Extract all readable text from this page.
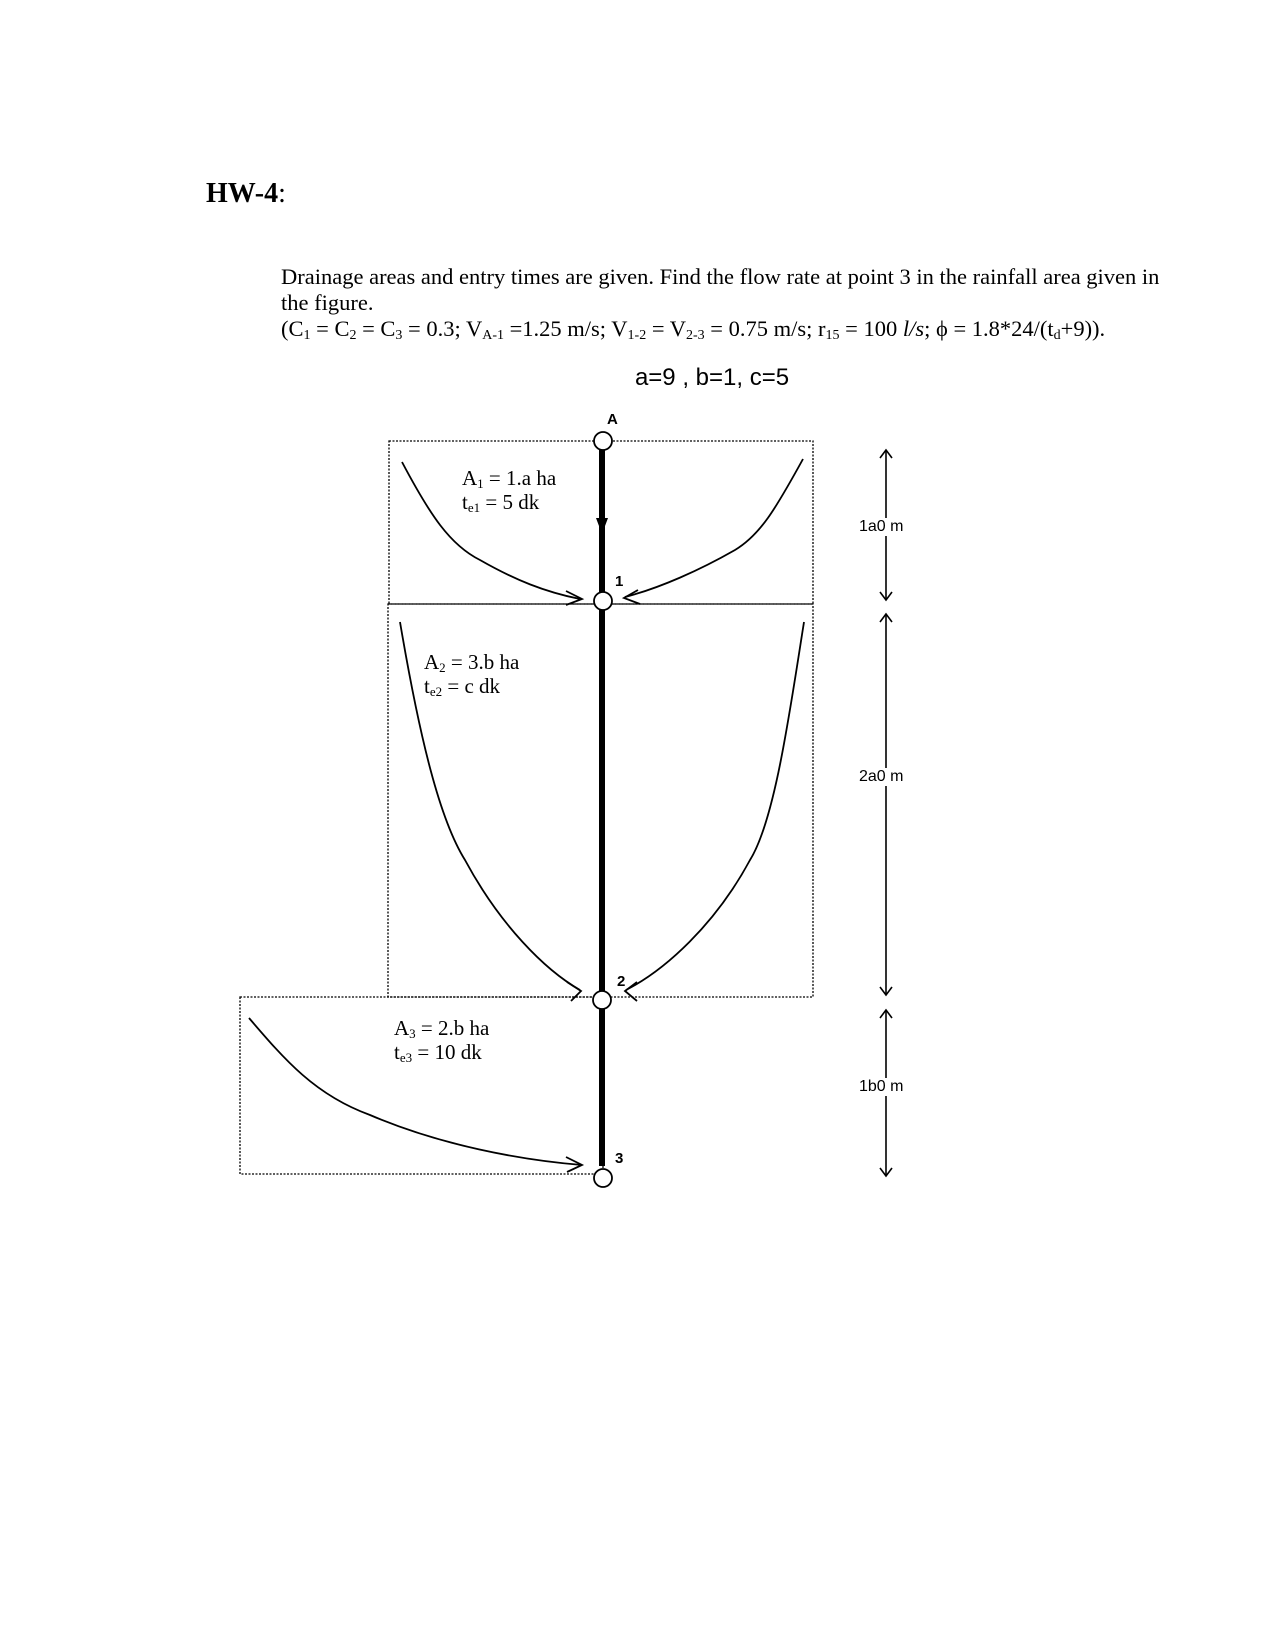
HW-4:
Drainage areas and entry times are given. Find the flow rate at point 3 in the rainfall area given in the figure.
($C_1 = C_2 = C_3 = 0.3$; $V_{A-1} =1.25$ m/s; $V_{1-2} = V_{2-3} = 0.75$ m/s; $r_{15} = 100$ l/s; $\phi = 1.8*24/(t_d+9)$).
a=9 , b=1, c=5
$A_1 = 1.a$ ha
$t_{e1} = 5$ dk
$A_2 = 3.b$ ha
$t_{e2} = c$ dk
$A_3 = 2.b$ ha
$t_{e3} = 10$ dk
A
1
2
3
1a0 m
2a0 m
1b0 m
